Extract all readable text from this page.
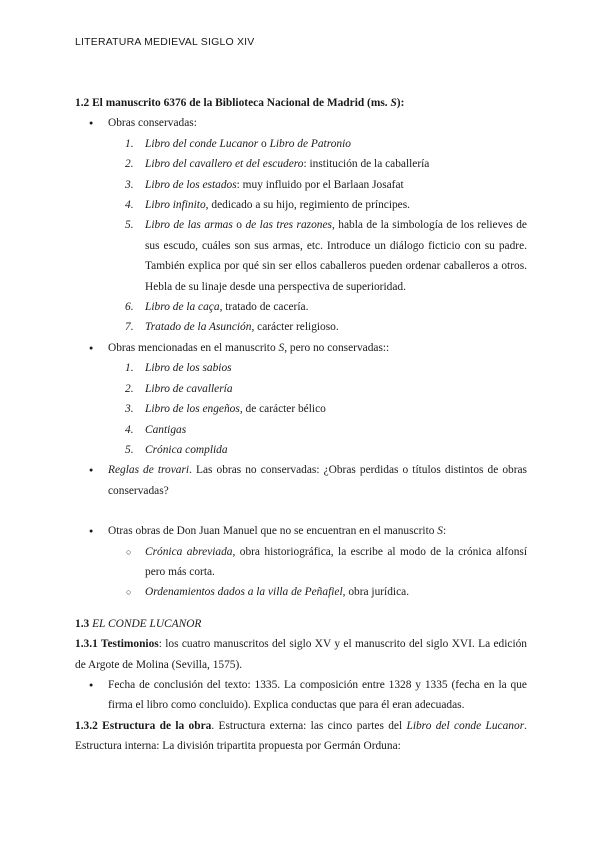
LITERATURA MEDIEVAL SIGLO XIV

1.2 El manuscrito 6376 de la Biblioteca Nacional de Madrid (ms. S):

● Obras conservadas:
1. Libro del conde Lucanor o Libro de Patronio
2. Libro del cavallero et del escudero: institución de la caballería
3. Libro de los estados: muy influido por el Barlaan Josafat
4. Libro infinito, dedicado a su hijo, regimiento de príncipes.
5. Libro de las armas o de las tres razones, habla de la simbología de los relieves de sus escudo, cuáles son sus armas, etc. Introduce un diálogo ficticio con su padre. También explica por qué sin ser ellos caballeros pueden ordenar caballeros a otros. Hebla de su linaje desde una perspectiva de superioridad.
6. Libro de la caça, tratado de cacería.
7. Tratado de la Asunción, carácter religioso.
● Obras mencionadas en el manuscrito S, pero no conservadas::
1. Libro de los sabios
2. Libro de cavallería
3. Libro de los engeños, de carácter bélico
4. Cantigas
5. Crónica complida
● Reglas de trovari. Las obras no conservadas: ¿Obras perdidas o títulos distintos de obras conservadas?
● Otras obras de Don Juan Manuel que no se encuentran en el manuscrito S:
○ Crónica abreviada, obra historiográfica, la escribe al modo de la crónica alfonsí pero más corta.
○ Ordenamientos dados a la villa de Peñafiel, obra jurídica.

1.3 EL CONDE LUCANOR

1.3.1 Testimonios: los cuatro manuscritos del siglo XV y el manuscrito del siglo XVI. La edición de Argote de Molina (Sevilla, 1575).

● Fecha de conclusión del texto: 1335. La composición entre 1328 y 1335 (fecha en la que firma el libro como concluido). Explica conductas que para él eran adecuadas.

1.3.2 Estructura de la obra. Estructura externa: las cinco partes del Libro del conde Lucanor. Estructura interna: La división tripartita propuesta por Germán Orduna:
